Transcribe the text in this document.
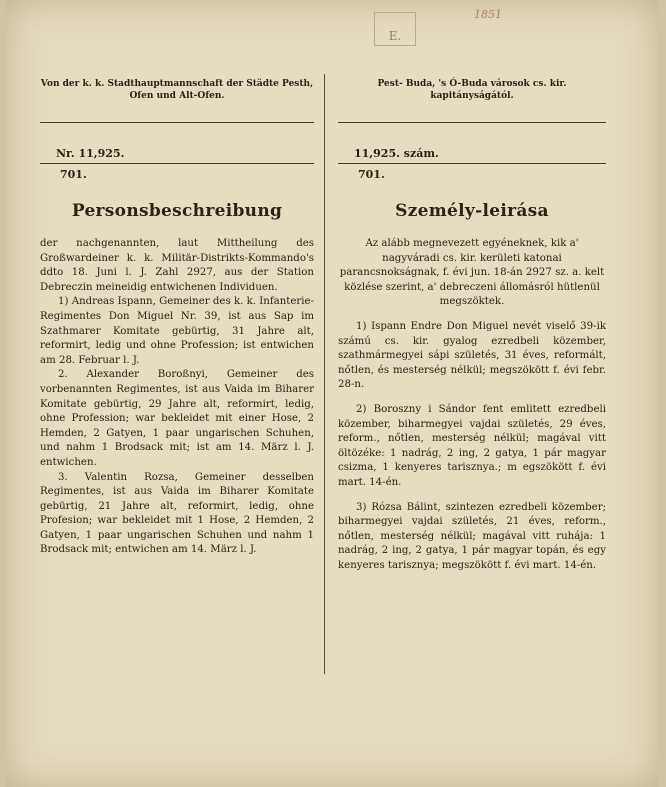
E.
1851
Von der k. k. Stadthauptmannschaft der Städte Pesth, Ofen und Alt-Ofen.
Nr. 11,925.
701.
Personsbeschreibung

der nachgenannten, laut Mittheilung des Großwardeiner k. k. Militär-Distrikts-Kommando's ddto 18. Juni l. J. Zahl 2927, aus der Station Debreczin meineidig entwichenen Individuen.

1) Andreas Ispann, Gemeiner des k. k. Infanterie-Regimentes Don Miguel Nr. 39, ist aus Sap im Szathmarer Komitate gebürtig, 31 Jahre alt, reformirt, ledig und ohne Profession; ist entwichen am 28. Februar l. J.

2. Alexander Boroßnyi, Gemeiner des vorbenannten Regimentes, ist aus Vaida im Biharer Komitate gebürtig, 29 Jahre alt, reformirt, ledig, ohne Profession; war bekleidet mit einer Hose, 2 Hemden, 2 Gatyen, 1 paar ungarischen Schuhen, und nahm 1 Brodsack mit; ist am 14. März l. J. entwichen.

3. Valentin Rozsa, Gemeiner desselben Regimentes, ist aus Vaida im Biharer Komitate gebürtig, 21 Jahre alt, reformirt, ledig, ohne Profesion; war bekleidet mit 1 Hose, 2 Hemden, 2 Gatyen, 1 paar ungarischen Schuhen und nahm 1 Brodsack mit; entwichen am 14. März l. J.

Pest- Buda, 's Ó-Buda városok cs. kir. kapitányságától.
11,925. szám.
701.
Személy-leirása

Az alább megnevezett egyéneknek, kik a' nagyváradi cs. kir. kerületi katonai parancsnokságnak, f. évi jun. 18-án 2927 sz. a. kelt közlése szerint, a' debreczeni állomásról hütlenül megszöktek.

1) Ispann Endre Don Miguel nevét viselő 39-ik számú cs. kir. gyalog ezredbeli közember, szathmármegyei sápi születés, 31 éves, reformált, nőtlen, és mesterség nélkül; megszökött f. évi febr. 28-n.

2) Boroszny i Sándor fent emlitett ezredbeli közember, biharmegyei vajdai születés, 29 éves, reform., nőtlen, mesterség nélkül; magával vitt öltözéke: 1 nadrág, 2 ing, 2 gatya, 1 pár magyar csizma, 1 kenyeres tarisznya.; m egszökött f. évi mart. 14-én.

3) Rózsa Bálint, szintezen ezredbeli közember; biharmegyei vajdai születés, 21 éves, reform., nőtlen, mesterség nélkül; magával vitt ruhája: 1 nadrág, 2 ing, 2 gatya, 1 pár magyar topán, és egy kenyeres tarisznya; megszökött f. évi mart. 14-én.
